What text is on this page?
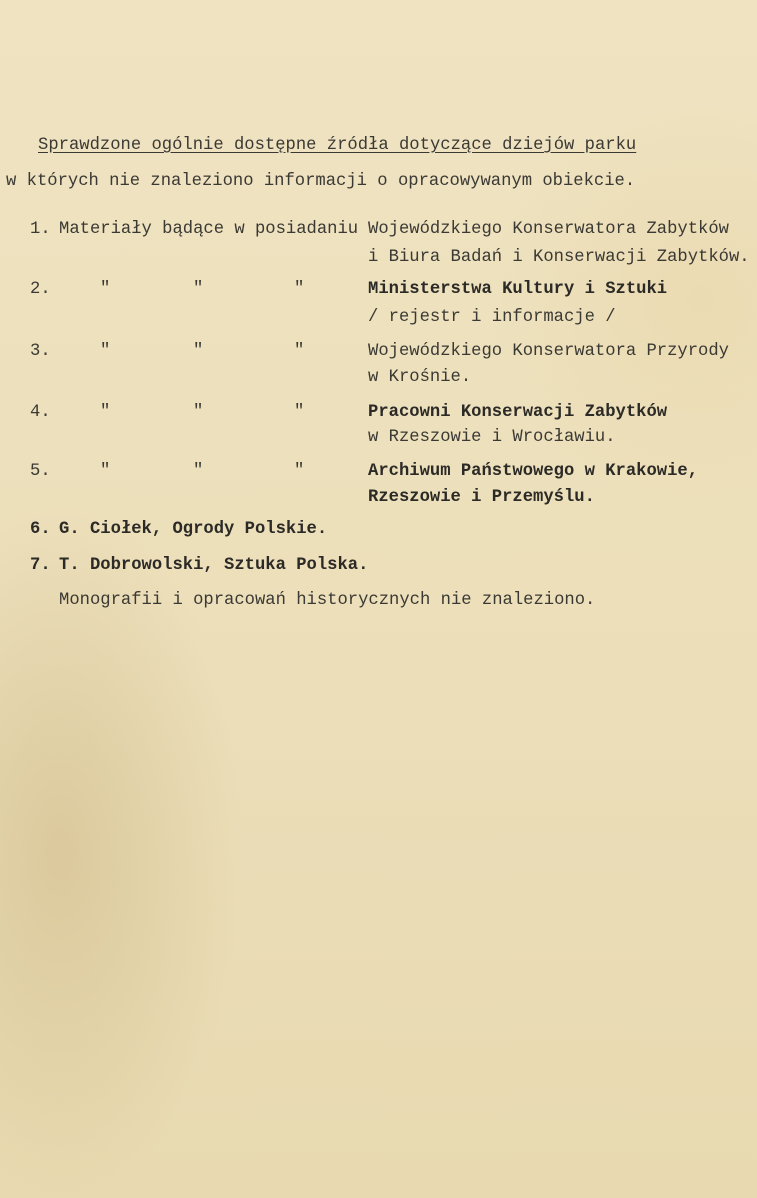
Sprawdzone ogólnie dostępne źródła dotyczące dziejów parku
w których nie znaleziono informacji o opracowywanym obiekcie.
1. Materiały bądące w posiadaniu Wojewódzkiego Konserwatora Zabytków
i Biura Badań i Konserwacji Zabytków.
2.	"	"	"	Ministerstwa Kultury i Sztuki
/ rejestr i informacje /
3.	"	"	"	Wojewódzkiego Konserwatora Przyrody
w Krośnie.
4.	"	"	"	Pracowni Konserwacji Zabytków
w Rzeszowie i Wrocławiu.
5.	"	"	"	Archiwum Państwowego w Krakowie,
Rzeszowie i Przemyślu.
6. G. Ciołek, Ogrody Polskie.
7. T. Dobrowolski, Sztuka Polska.
Monografii i opracowań historycznych nie znaleziono.
